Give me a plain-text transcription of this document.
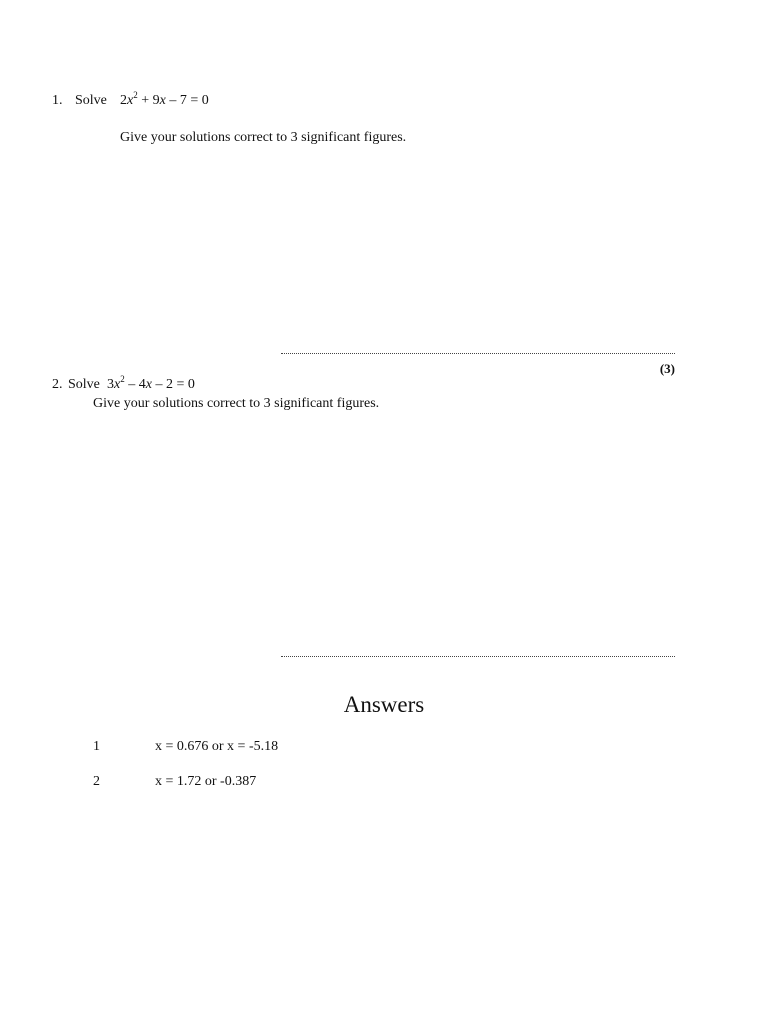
1. Solve $2x^2 + 9x - 7 = 0$
Give your solutions correct to 3 significant figures.
(3)
2. Solve $3x^2 - 4x - 2 = 0$
Give your solutions correct to 3 significant figures.
Answers
1	x = 0.676 or x = -5.18
2	x = 1.72 or -0.387
